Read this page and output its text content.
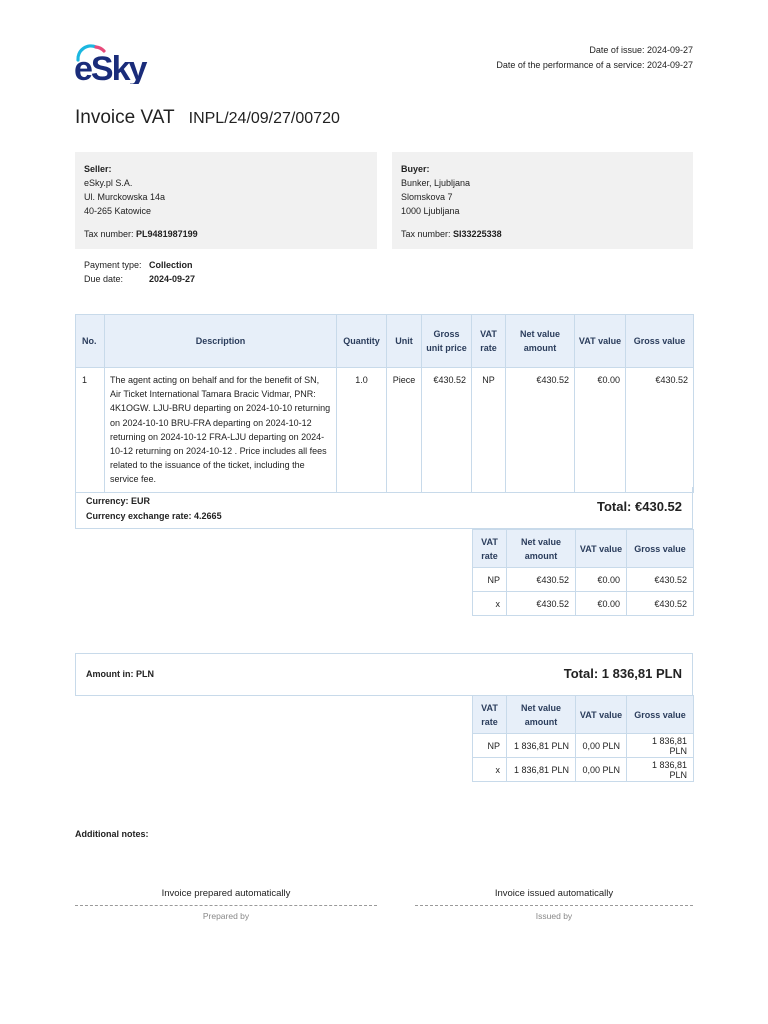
eSky	Date of issue: 2024-09-27
Date of the performance of a service: 2024-09-27
Invoice VAT INPL/24/09/27/00720
Seller:
eSky.pl S.A.
Ul. Murckowska 14a
40-265 Katowice
Tax number: PL9481987199
Buyer:
Bunker, Ljubljana
Slomskova 7
1000 Ljubljana
Tax number: SI33225338
Payment type: Collection
Due date:	2024-09-27
No.	Description	Quantity	Unit	Gross unit price	VAT rate	Net value amount	VAT value	Gross value
1	The agent acting on behalf and for the benefit of SN, Air Ticket International Tamara Bracic Vidmar, PNR: 4K1OGW. LJU-BRU departing on 2024-10-10 returning on 2024-10-10 BRU-FRA departing on 2024-10-12 returning on 2024-10-12 FRA-LJU departing on 2024-10-12 returning on 2024-10-12 . Price includes all fees related to the issuance of the ticket, including the service fee.	1.0	Piece	€430.52	NP	€430.52	€0.00	€430.52
Currency: EUR
Currency exchange rate: 4.2665
Total: €430.52
VAT rate	Net value amount	VAT value	Gross value
NP	€430.52	€0.00	€430.52
x	€430.52	€0.00	€430.52
Amount in: PLN	Total: 1 836,81 PLN
VAT rate	Net value amount	VAT value	Gross value
NP	1 836,81 PLN	0,00 PLN	1 836,81 PLN
x	1 836,81 PLN	0,00 PLN	1 836,81 PLN
Additional notes:
Invoice prepared automatically
Prepared by
Invoice issued automatically
Issued by
